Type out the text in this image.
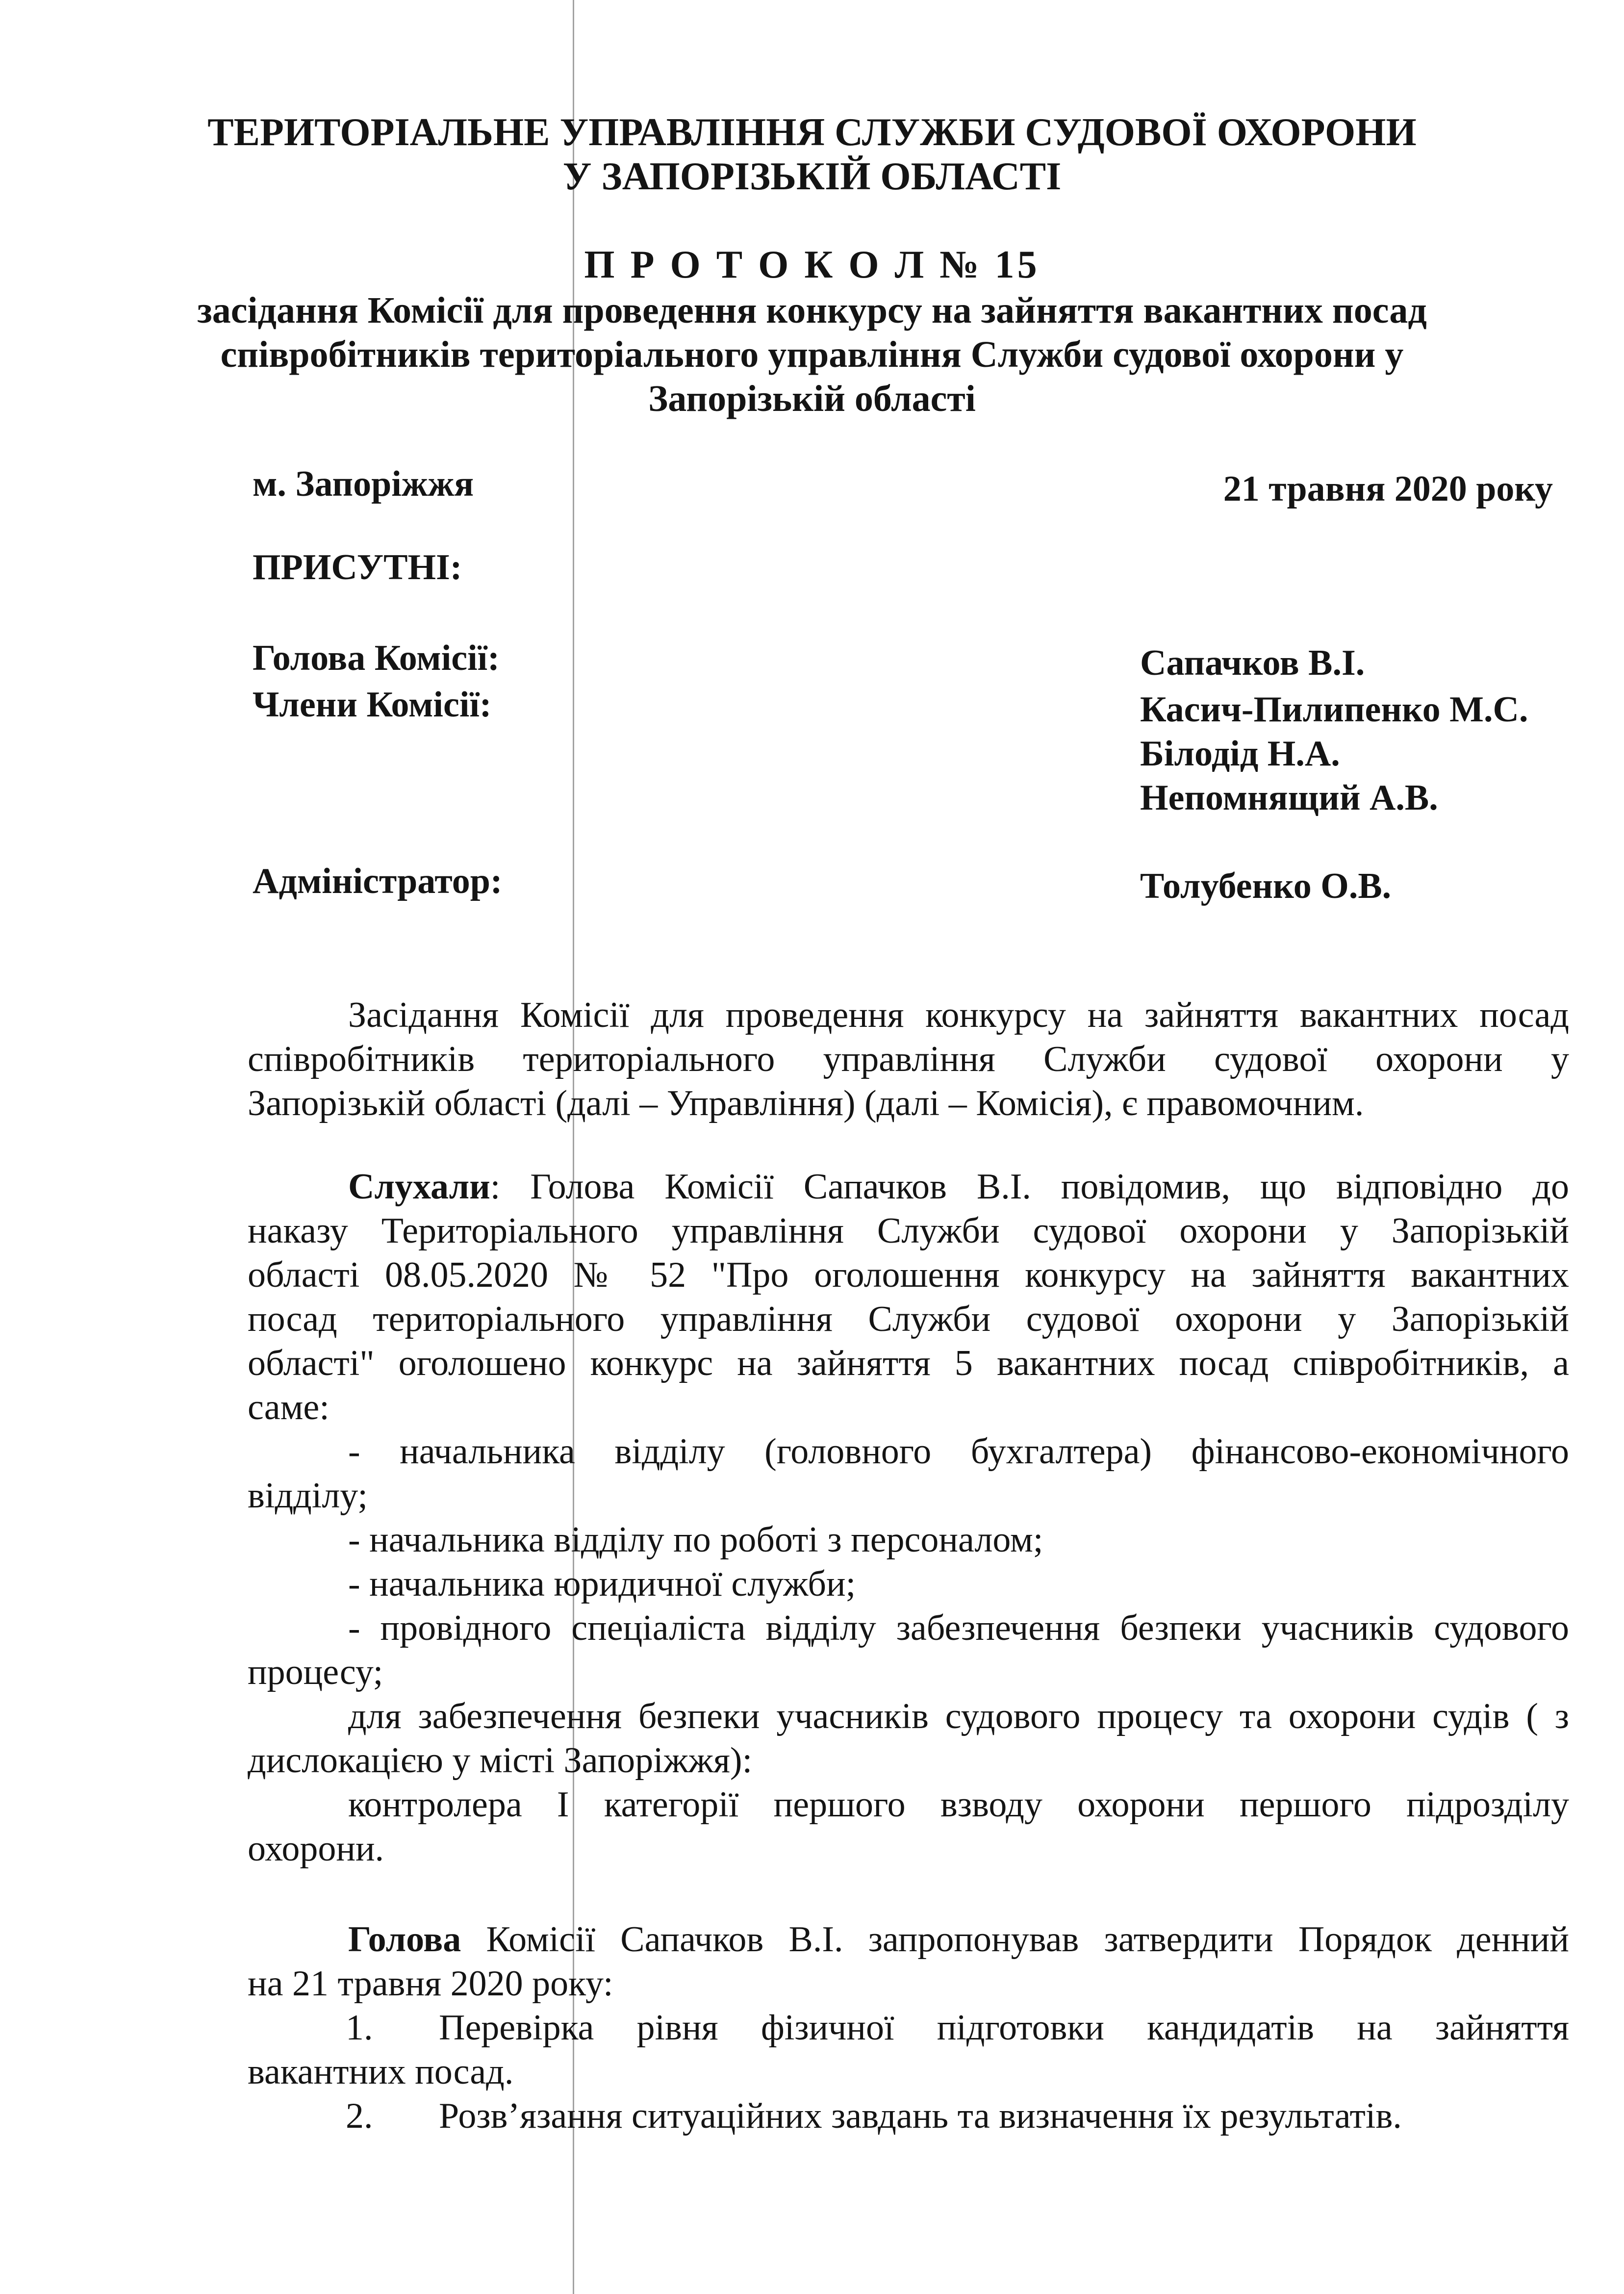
ТЕРИТОРІАЛЬНЕ УПРАВЛІННЯ СЛУЖБИ СУДОВОЇ ОХОРОНИ
У ЗАПОРІЗЬКІЙ ОБЛАСТІ
П Р О Т О К О Л № 15
засідання Комісії для проведення конкурсу на зайняття вакантних посад
співробітників територіального управління Служби судової охорони у
Запорізькій області
м. Запоріжжя	21 травня 2020 року
ПРИСУТНІ:
Голова Комісії:	Сапачков В.І.
Члени Комісії:	Касич-Пилипенко М.С.
Білодід Н.А.
Непомнящий А.В.
Адміністратор:	Толубенко О.В.

Засідання Комісії для проведення конкурсу на зайняття вакантних посад

співробітників територіального управління Служби судової охорони у

Запорізькій області (далі – Управління) (далі – Комісія), є правомочним.

Слухали: Голова Комісії Сапачков В.І. повідомив, що відповідно до

наказу Територіального управління Служби судової охорони у Запорізькій

області 08.05.2020 № 52 "Про оголошення конкурсу на зайняття вакантних

посад територіального управління Служби судової охорони у Запорізькій

області" оголошено конкурс на зайняття 5 вакантних посад співробітників, а

саме:

- начальника відділу (головного бухгалтера) фінансово-економічного

відділу;

- начальника відділу по роботі з персоналом;

- начальника юридичної служби;

- провідного спеціаліста відділу забезпечення безпеки учасників судового

процесу;

для забезпечення безпеки учасників судового процесу та охорони судів ( з

дислокацією у місті Запоріжжя):

контролера І категорії першого взводу охорони першого підрозділу

охорони.

Голова Комісії Сапачков В.І. запропонував затвердити Порядок денний

на 21 травня 2020 року:

1.	Перевірка рівня фізичної підготовки кандидатів на зайняття

вакантних посад.

2.	Розв’язання ситуаційних завдань та визначення їх результатів.
